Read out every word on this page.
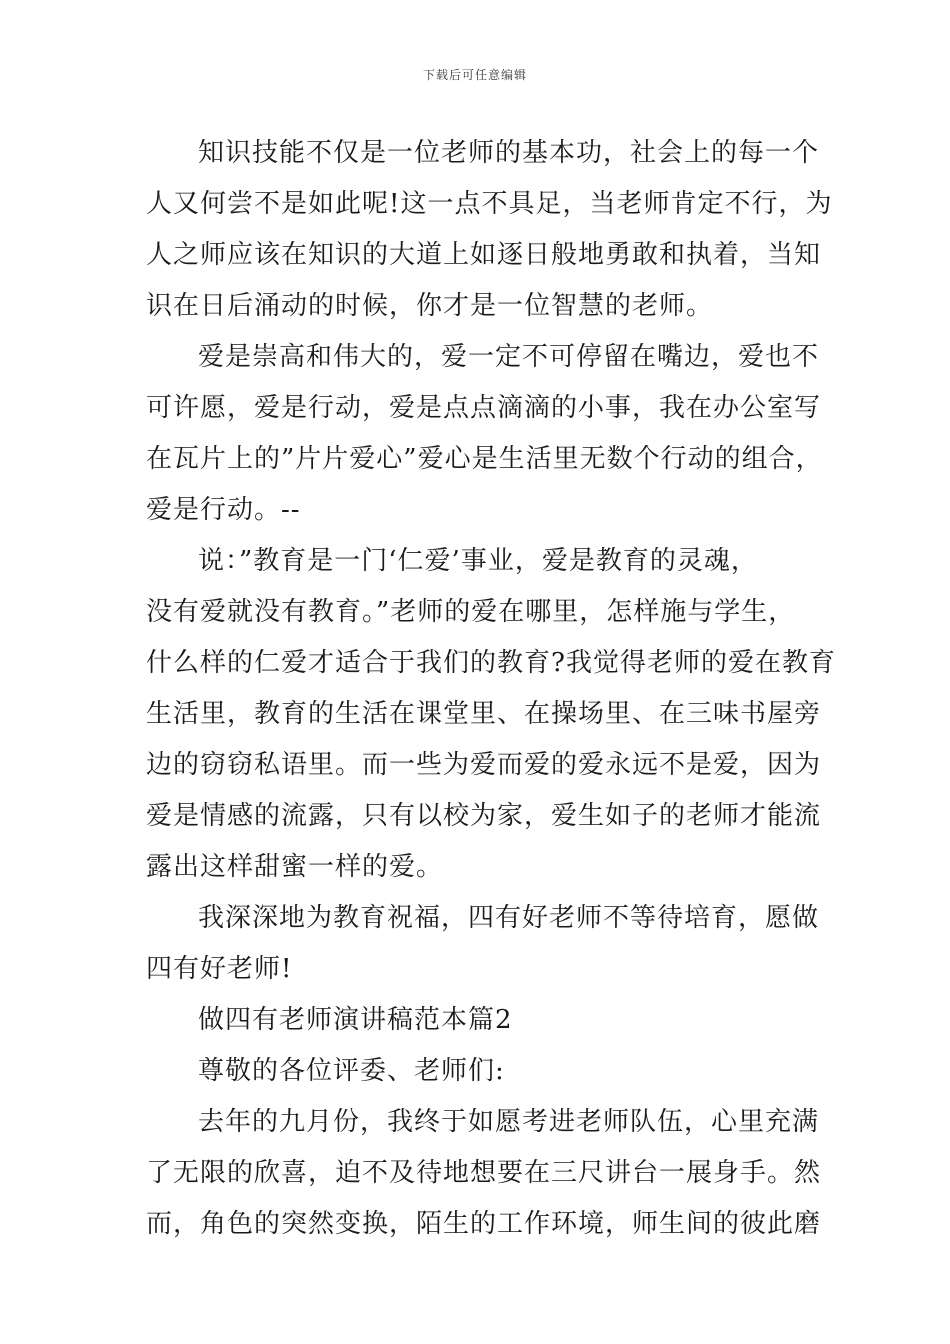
下载后可任意编辑
知识技能不仅是一位老师的基本功，社会上的每一个
人又何尝不是如此呢!这一点不具足，当老师肯定不行，为
人之师应该在知识的大道上如逐日般地勇敢和执着，当知
识在日后涌动的时候，你才是一位智慧的老师。
爱是崇高和伟大的，爱一定不可停留在嘴边，爱也不
可许愿，爱是行动，爱是点点滴滴的小事，我在办公室写
在瓦片上的”片片爱心”爱心是生活里无数个行动的组合，
爱是行动。--
说：”教育是一门‘仁爱’事业，爱是教育的灵魂，
没有爱就没有教育。”老师的爱在哪里，怎样施与学生，
什么样的仁爱才适合于我们的教育?我觉得老师的爱在教育
生活里，教育的生活在课堂里、在操场里、在三味书屋旁
边的窃窃私语里。而一些为爱而爱的爱永远不是爱，因为
爱是情感的流露，只有以校为家，爱生如子的老师才能流
露出这样甜蜜一样的爱。
我深深地为教育祝福，四有好老师不等待培育，愿做
四有好老师!
做四有老师演讲稿范本篇2
尊敬的各位评委、老师们:
去年的九月份，我终于如愿考进老师队伍，心里充满
了无限的欣喜，迫不及待地想要在三尺讲台一展身手。然
而，角色的突然变换，陌生的工作环境，师生间的彼此磨
